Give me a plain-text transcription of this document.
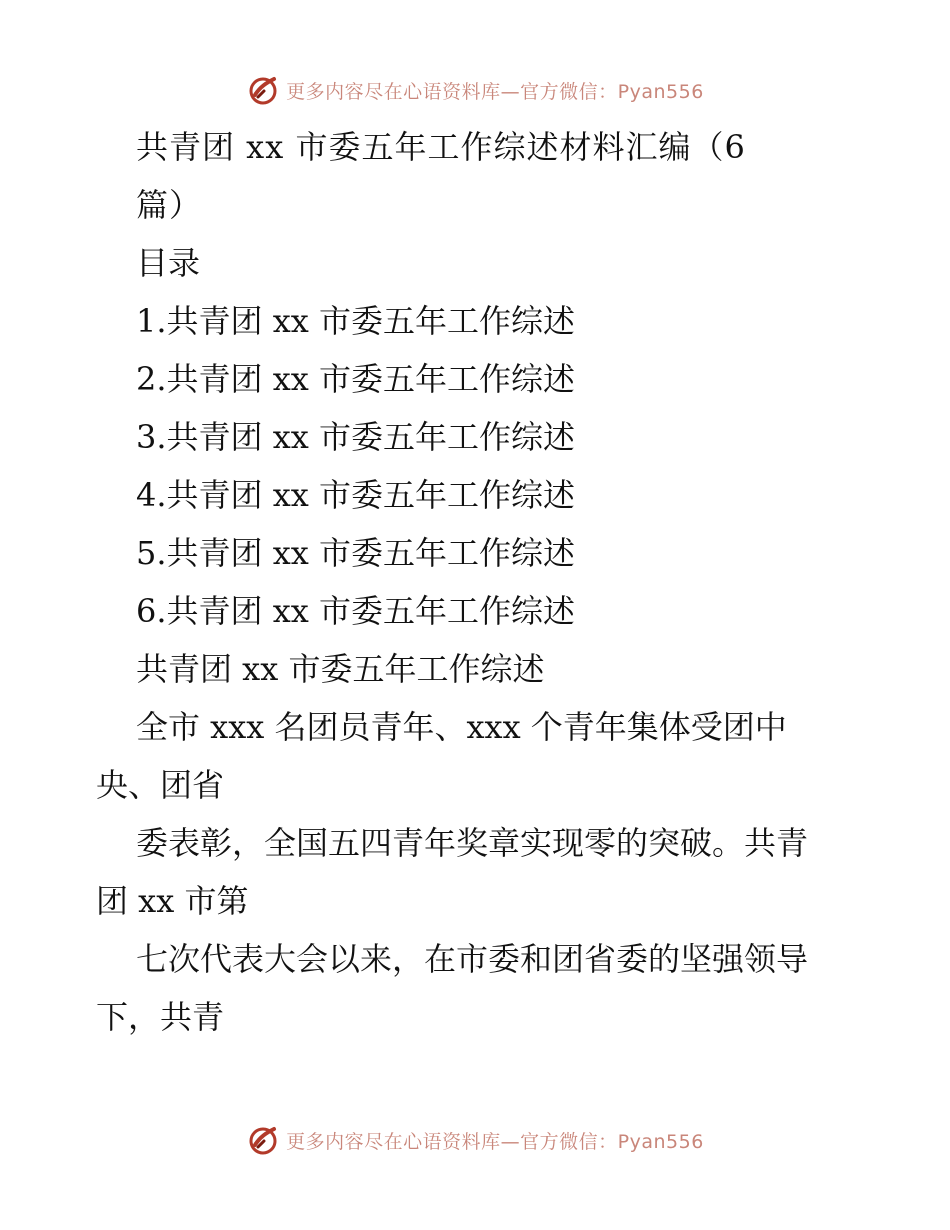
更多内容尽在心语资料库—官方微信：Pyan556

共青团 xx 市委五年工作综述材料汇编（6

篇）

目录

1.共青团 xx 市委五年工作综述

2.共青团 xx 市委五年工作综述

3.共青团 xx 市委五年工作综述

4.共青团 xx 市委五年工作综述

5.共青团 xx 市委五年工作综述

6.共青团 xx 市委五年工作综述

共青团 xx 市委五年工作综述

全市 xxx 名团员青年、xxx 个青年集体受团中

央、团省

委表彰，全国五四青年奖章实现零的突破。共青

团 xx 市第

七次代表大会以来，在市委和团省委的坚强领导

下，共青

更多内容尽在心语资料库—官方微信：Pyan556
